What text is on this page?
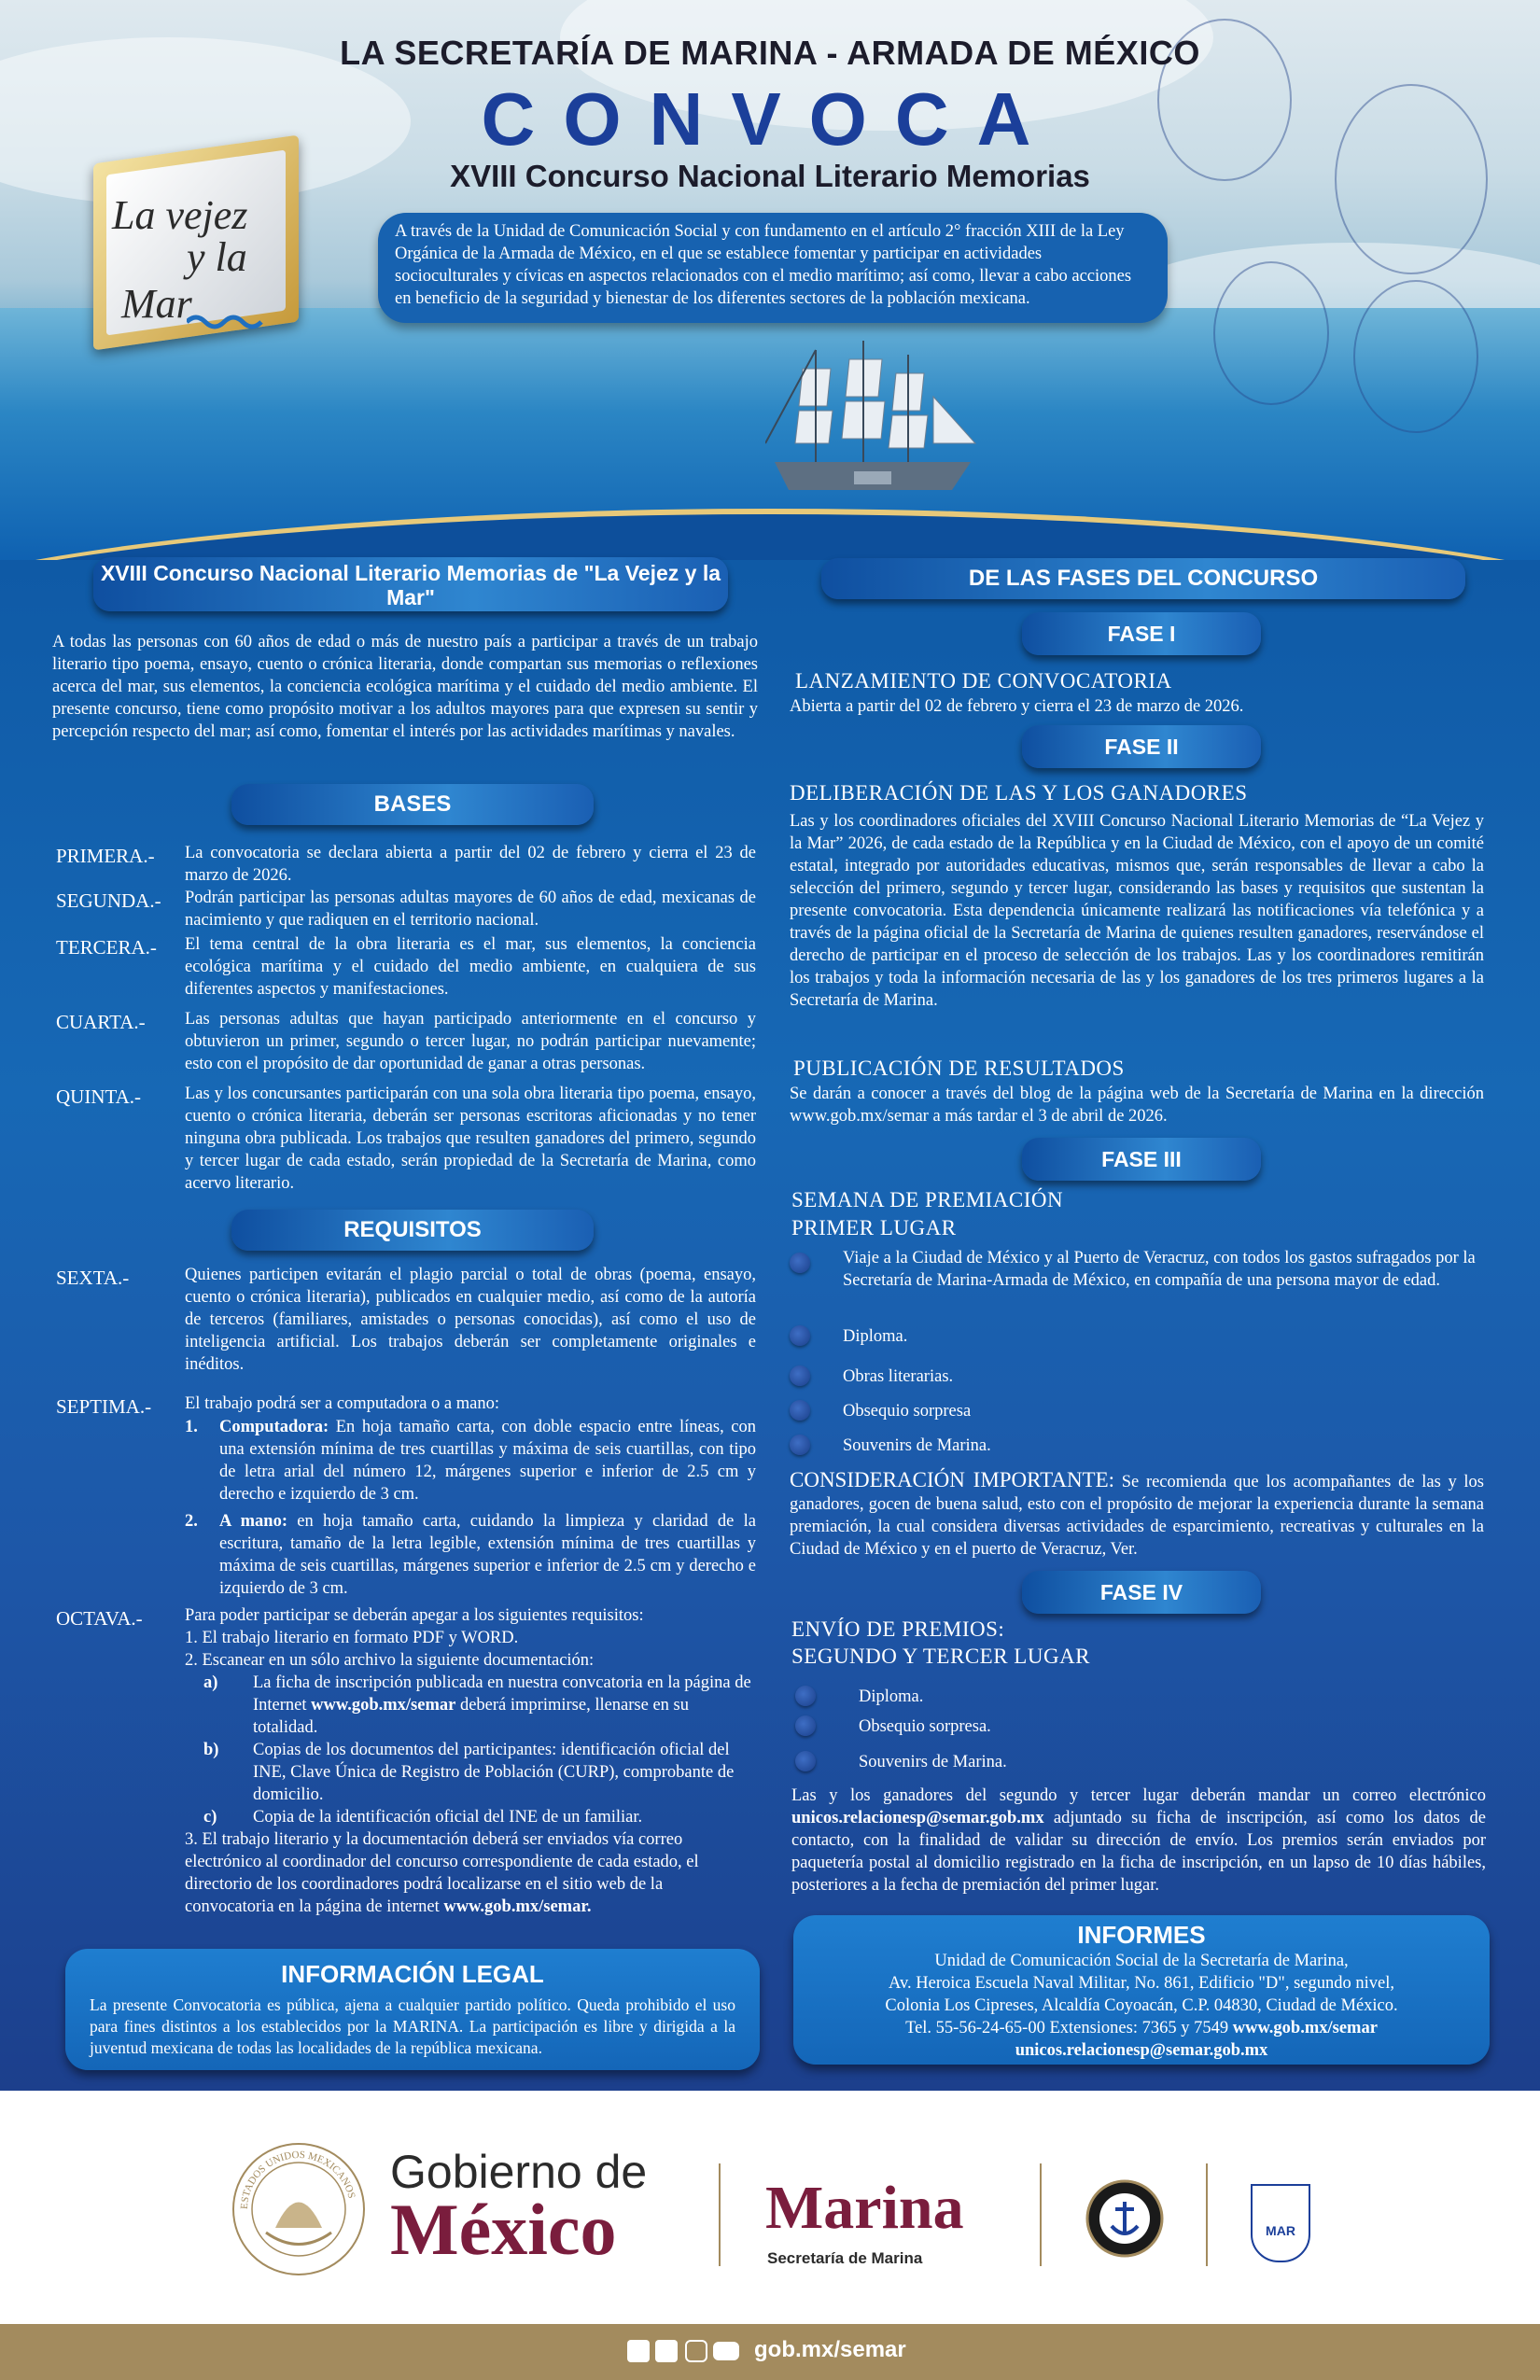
La vejez
y la
Mar
LA SECRETARÍA DE MARINA - ARMADA DE MÉXICO
CONVOCA
XVIII Concurso Nacional Literario Memorias
A través de la Unidad de Comunicación Social y con fundamento en el artículo 2° fracción XIII de la Ley Orgánica de la Armada de México, en el que se establece fomentar y participar en actividades socioculturales y cívicas en aspectos relacionados con el medio marítimo; así como, llevar a cabo acciones en beneficio de la seguridad y bienestar de los diferentes sectores de la población mexicana.
XVIII Concurso Nacional Literario Memorias de "La Vejez y la Mar"
A todas las personas con 60 años de edad o más de nuestro país a participar a través de un trabajo literario tipo poema, ensayo, cuento o crónica literaria, donde compartan sus memorias o reflexiones acerca del mar, sus elementos, la conciencia ecológica marítima y el cuidado del medio ambiente. El presente concurso, tiene como propósito motivar a los adultos mayores para que expresen su sentir y percepción respecto del mar; así como, fomentar el interés por las actividades marítimas y navales.
BASES
PRIMERA.- La convocatoria se declara abierta a partir del 02 de febrero y cierra el 23 de marzo de 2026.
SEGUNDA.- Podrán participar las personas adultas mayores de 60 años de edad, mexicanas de nacimiento y que radiquen en el territorio nacional.
TERCERA.- El tema central de la obra literaria es el mar, sus elementos, la conciencia ecológica marítima y el cuidado del medio ambiente, en cualquiera de sus diferentes aspectos y manifestaciones.
CUARTA.- Las personas adultas que hayan participado anteriormente en el concurso y obtuvieron un primer, segundo o tercer lugar, no podrán participar nuevamente; esto con el propósito de dar oportunidad de ganar a otras personas.
QUINTA.-	Las y los concursantes participarán con una sola obra literaria tipo poema, ensayo, cuento o crónica literaria, deberán ser personas escritoras aficionadas y no tener ninguna obra publicada. Los trabajos que resulten ganadores del primero, segundo y tercer lugar de cada estado, serán propiedad de la Secretaría de Marina, como acervo literario.
REQUISITOS
SEXTA.-	Quienes participen evitarán el plagio parcial o total de obras (poema, ensayo, cuento o crónica literaria), publicados en cualquier medio, así como de la autoría de terceros (familiares, amistades o personas conocidas), así como el uso de inteligencia artificial. Los trabajos deberán ser completamente originales e inéditos.
SEPTIMA.- El trabajo podrá ser a computadora o a mano:
1. Computadora: En hoja tamaño carta, con doble espacio entre líneas, con una extensión mínima de tres cuartillas y máxima de seis cuartillas, con tipo de letra arial del número 12, márgenes superior e inferior de 2.5 cm y derecho e izquierdo de 3 cm.
2. A mano: en hoja tamaño carta, cuidando la limpieza y claridad de la escritura, tamaño de la letra legible, extensión mínima de tres cuartillas y máxima de seis cuartillas, márgenes superior e inferior de 2.5 cm y derecho e izquierdo de 3 cm.
OCTAVA.- Para poder participar se deberán apegar a los siguientes requisitos:
1. El trabajo literario en formato PDF y WORD.
2. Escanear en un sólo archivo la siguiente documentación:
a) La ficha de inscripción publicada en nuestra convcatoria en la página de Internet www.gob.mx/semar deberá imprimirse, llenarse en su totalidad.
b) Copias de los documentos del participantes: identificación oficial del INE, Clave Única de Registro de Población (CURP), comprobante de domicilio.
c) Copia de la identificación oficial del INE de un familiar.
3. El trabajo literario y la documentación deberá ser enviados vía correo electrónico al coordinador del concurso correspondiente de cada estado, el directorio de los coordinadores podrá localizarse en el sitio web de la convocatoria en la página de internet www.gob.mx/semar.
INFORMACIÓN LEGAL
La presente Convocatoria es pública, ajena a cualquier partido político. Queda prohibido el uso para fines distintos a los establecidos por la MARINA. La participación es libre y dirigida a la juventud mexicana de todas las localidades de la república mexicana.
DE LAS FASES DEL CONCURSO
FASE I
LANZAMIENTO DE CONVOCATORIA
Abierta a partir del 02 de febrero y cierra el 23 de marzo de 2026.
FASE II
DELIBERACIÓN DE LAS Y LOS GANADORES
Las y los coordinadores oficiales del XVIII Concurso Nacional Literario Memorias de “La Vejez y la Mar” 2026, de cada estado de la República y en la Ciudad de México, con el apoyo de un comité estatal, integrado por autoridades educativas, mismos que, serán responsables de llevar a cabo la selección del primero, segundo y tercer lugar, considerando las bases y requisitos que sustentan la presente convocatoria. Esta dependencia únicamente realizará las notificaciones vía telefónica y a través de la página oficial de la Secretaría de Marina de quienes resulten ganadores, reservándose el derecho de participar en el proceso de selección de los trabajos. Las y los coordinadores remitirán los trabajos y toda la información necesaria de las y los ganadores de los tres primeros lugares a la Secretaría de Marina.
PUBLICACIÓN DE RESULTADOS
Se darán a conocer a través del blog de la página web de la Secretaría de Marina en la dirección www.gob.mx/semar a más tardar el 3 de abril de 2026.
FASE III
SEMANA DE PREMIACIÓN
PRIMER LUGAR
Viaje a la Ciudad de México y al Puerto de Veracruz, con todos los gastos sufragados por la Secretaría de Marina-Armada de México, en compañía de una persona mayor de edad.
Diploma.
Obras literarias.
Obsequio sorpresa
Souvenirs de Marina.
CONSIDERACIÓN IMPORTANTE: Se recomienda que los acompañantes de las y los ganadores, gocen de buena salud, esto con el propósito de mejorar la experiencia durante la semana premiación, la cual considera diversas actividades de esparcimiento, recreativas y culturales en la Ciudad de México y en el puerto de Veracruz, Ver.
FASE IV
ENVÍO DE PREMIOS:
SEGUNDO Y TERCER LUGAR
Diploma.
Obsequio sorpresa.
Souvenirs de Marina.
Las y los ganadores del segundo y tercer lugar deberán mandar un correo electrónico unicos.relacionesp@semar.gob.mx adjuntado su ficha de inscripción, así como los datos de contacto, con la finalidad de validar su dirección de envío. Los premios serán enviados por paquetería postal al domicilio registrado en la ficha de inscripción, en un lapso de 10 días hábiles, posteriores a la fecha de premiación del primer lugar.
INFORMES
Unidad de Comunicación Social de la Secretaría de Marina,
Av. Heroica Escuela Naval Militar, No. 861, Edificio "D", segundo nivel,
Colonia Los Cipreses, Alcaldía Coyoacán, C.P. 04830, Ciudad de México.
Tel. 55-56-24-65-00 Extensiones: 7365 y 7549 www.gob.mx/semar
unicos.relacionesp@semar.gob.mx
ESTADOS UNIDOS MEXICANOS Gobierno de
México Marina
Secretaría de Marina
MAR
gob.mx/semar
